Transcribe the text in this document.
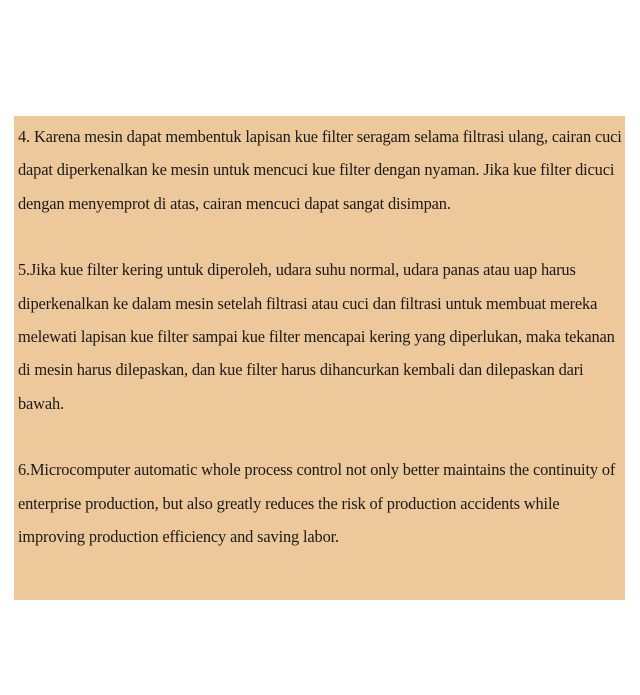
4. Karena mesin dapat membentuk lapisan kue filter seragam selama filtrasi ulang, cairan cuci dapat diperkenalkan ke mesin untuk mencuci kue filter dengan nyaman. Jika kue filter dicuci dengan menyemprot di atas, cairan mencuci dapat sangat disimpan.

5.Jika kue filter kering untuk diperoleh, udara suhu normal, udara panas atau uap harus diperkenalkan ke dalam mesin setelah filtrasi atau cuci dan filtrasi untuk membuat mereka melewati lapisan kue filter sampai kue filter mencapai kering yang diperlukan, maka tekanan di mesin harus dilepaskan, dan kue filter harus dihancurkan kembali dan dilepaskan dari bawah.

6.Microcomputer automatic whole process control not only better maintains the continuity of enterprise production, but also greatly reduces the risk of production accidents while improving production efficiency and saving labor.
